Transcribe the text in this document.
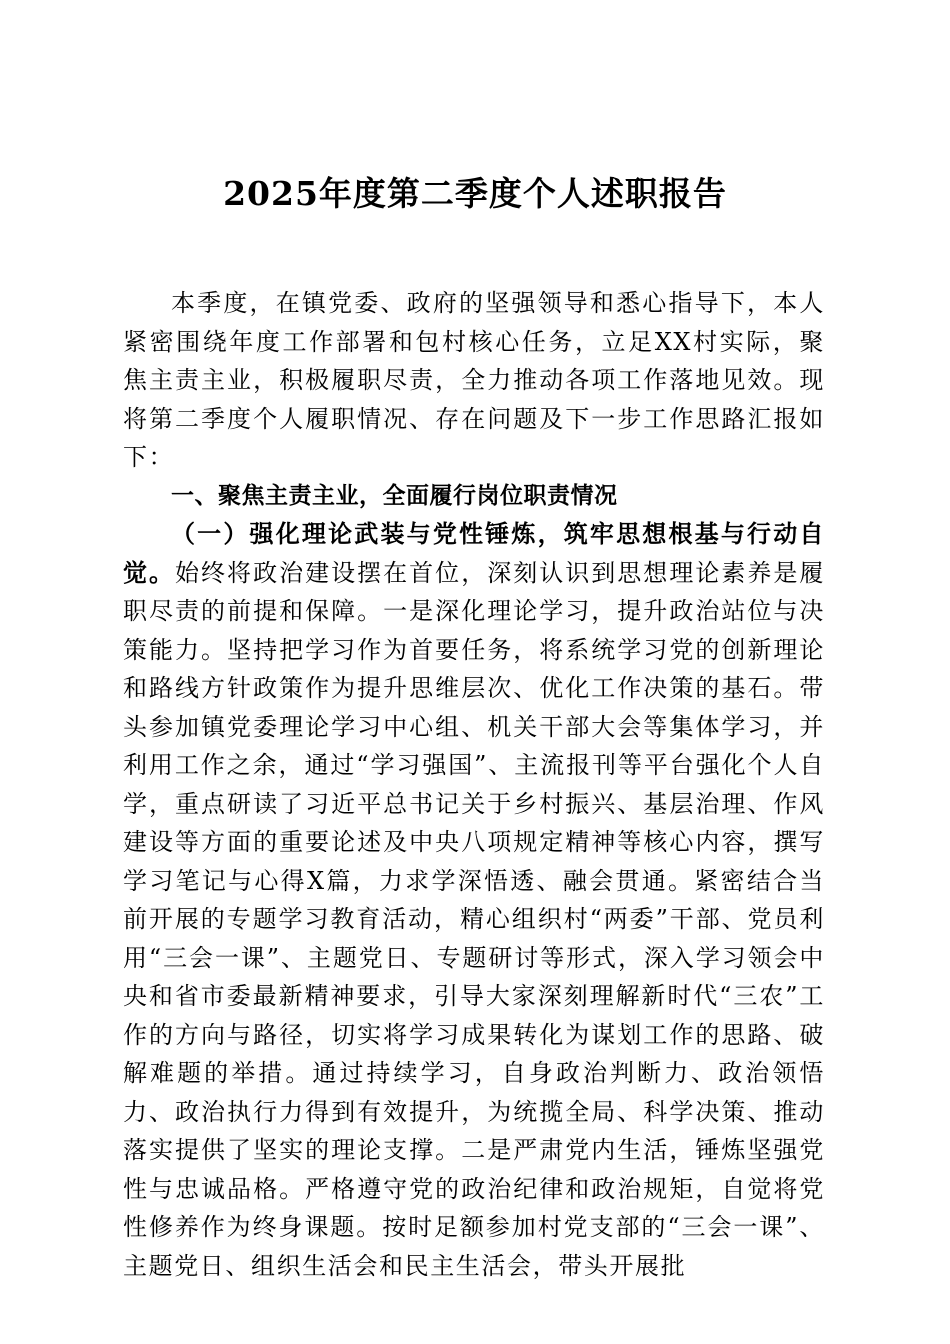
2025年度第二季度个人述职报告

本季度，在镇党委、政府的坚强领导和悉心指导下，本人紧密围绕年度工作部署和包村核心任务，立足XX村实际，聚焦主责主业，积极履职尽责，全力推动各项工作落地见效。现将第二季度个人履职情况、存在问题及下一步工作思路汇报如下：

一、聚焦主责主业，全面履行岗位职责情况

（一）强化理论武装与党性锤炼，筑牢思想根基与行动自觉。始终将政治建设摆在首位，深刻认识到思想理论素养是履职尽责的前提和保障。一是深化理论学习，提升政治站位与决策能力。坚持把学习作为首要任务，将系统学习党的创新理论和路线方针政策作为提升思维层次、优化工作决策的基石。带头参加镇党委理论学习中心组、机关干部大会等集体学习，并利用工作之余，通过“学习强国”、主流报刊等平台强化个人自学，重点研读了习近平总书记关于乡村振兴、基层治理、作风建设等方面的重要论述及中央八项规定精神等核心内容，撰写学习笔记与心得X篇，力求学深悟透、融会贯通。紧密结合当前开展的专题学习教育活动，精心组织村“两委”干部、党员利用“三会一课”、主题党日、专题研讨等形式，深入学习领会中央和省市委最新精神要求，引导大家深刻理解新时代“三农”工作的方向与路径，切实将学习成果转化为谋划工作的思路、破解难题的举措。通过持续学习，自身政治判断力、政治领悟力、政治执行力得到有效提升，为统揽全局、科学决策、推动落实提供了坚实的理论支撑。二是严肃党内生活，锤炼坚强党性与忠诚品格。严格遵守党的政治纪律和政治规矩，自觉将党性修养作为终身课题。按时足额参加村党支部的“三会一课”、主题党日、组织生活会和民主生活会，带头开展批
